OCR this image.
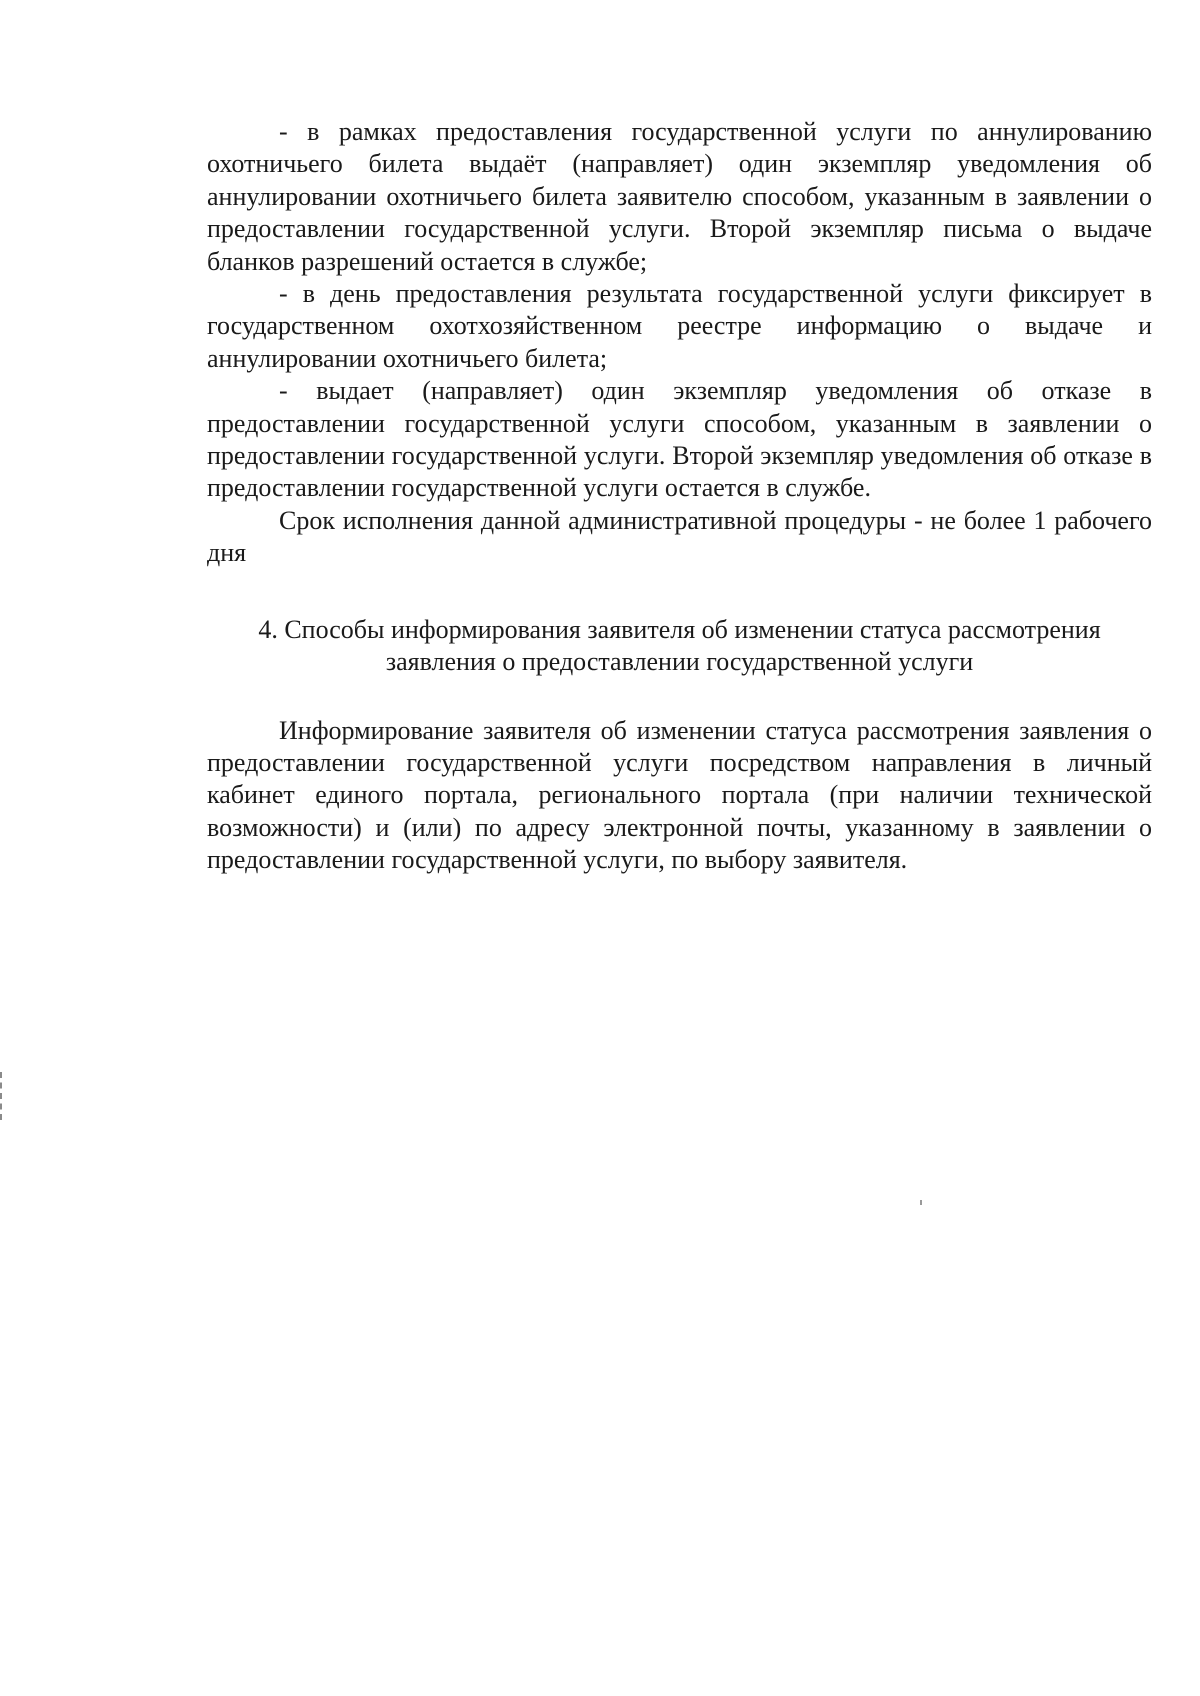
- в рамках предоставления государственной услуги по аннулированию охотничьего билета выдаёт (направляет) один экземпляр уведомления об аннулировании охотничьего билета заявителю способом, указанным в заявлении о предоставлении государственной услуги. Второй экземпляр письма о выдаче бланков разрешений остается в службе;

- в день предоставления результата государственной услуги фиксирует в государственном охотхозяйственном реестре информацию о выдаче и аннулировании охотничьего билета;

- выдает (направляет) один экземпляр уведомления об отказе в предоставлении государственной услуги способом, указанным в заявлении о предоставлении государственной услуги. Второй экземпляр уведомления об отказе в предоставлении государственной услуги остается в службе.

Срок исполнения данной административной процедуры - не более 1 рабочего дня

4. Способы информирования заявителя об изменении статуса рассмотрения заявления о предоставлении государственной услуги

Информирование заявителя об изменении статуса рассмотрения заявления о предоставлении государственной услуги посредством направления в личный кабинет единого портала, регионального портала (при наличии технической возможности) и (или) по адресу электронной почты, указанному в заявлении о предоставлении государственной услуги, по выбору заявителя.
